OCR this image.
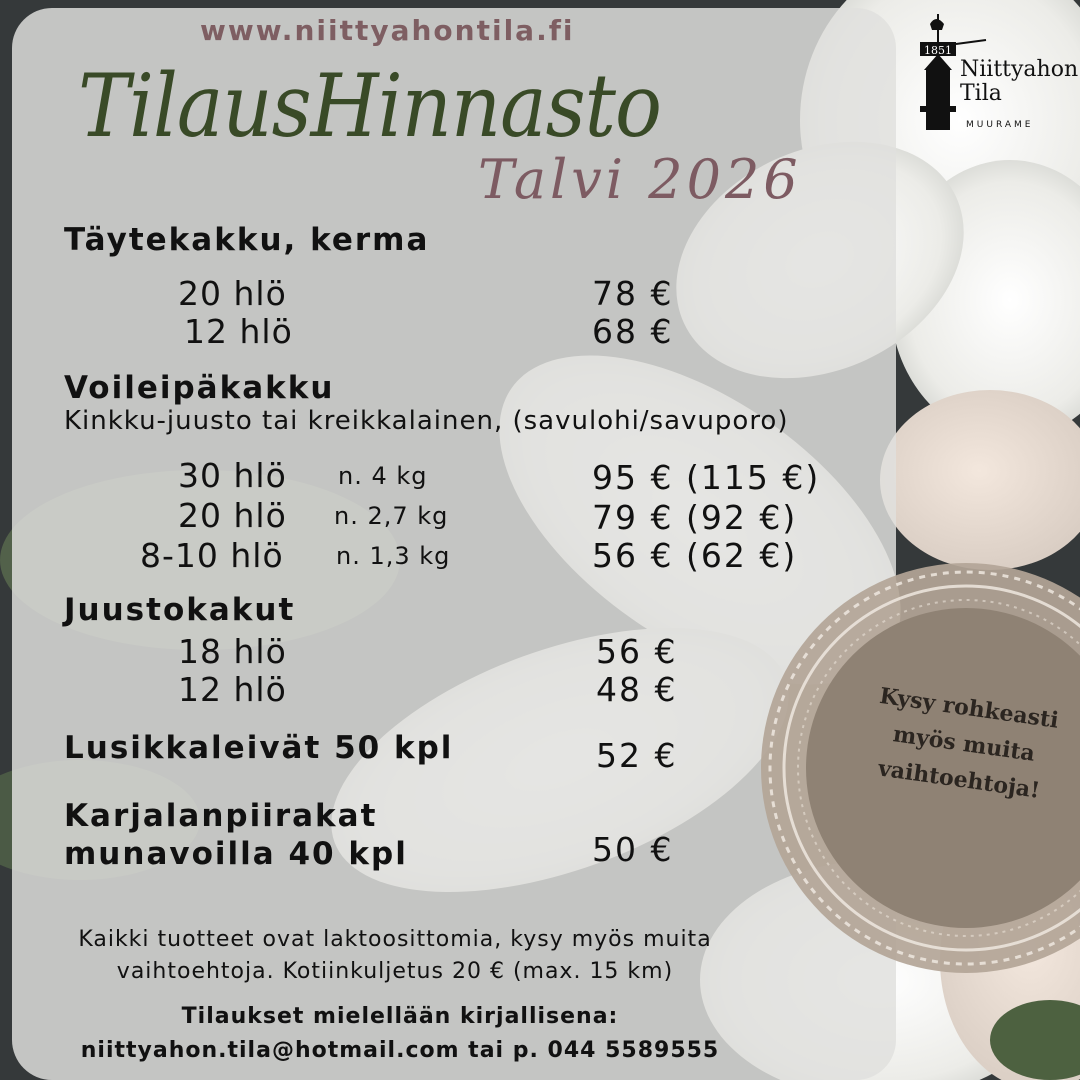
www.niittyahontila.fi
TilausHinnasto
Talvi 2026
1851
Niittyahon
Tila
MUURAME
Täytekakku, kerma
20 hlö	78 €
12 hlö	68 €
Voileipäkakku
Kinkku-juusto tai kreikkalainen, (savulohi/savuporo)
30 hlö n. 4 kg	95 € (115 €)
20 hlö n. 2,7 kg	79 € (92 €)
8-10 hlö n. 1,3 kg	56 € (62 €)
Juustokakut
18 hlö	56 €
12 hlö	48 €
Lusikkaleivät 50 kpl	52 €
Karjalanpiirakat
munavoilla 40 kpl	50 €
Kaikki tuotteet ovat laktoosittomia, kysy myös muita
vaihtoehtoja. Kotiinkuljetus 20 € (max. 15 km)
Tilaukset mielellään kirjallisena:
niittyahon.tila@hotmail.com tai p. 044 5589555
Kysy rohkeasti
myös muita
vaihtoehtoja!
